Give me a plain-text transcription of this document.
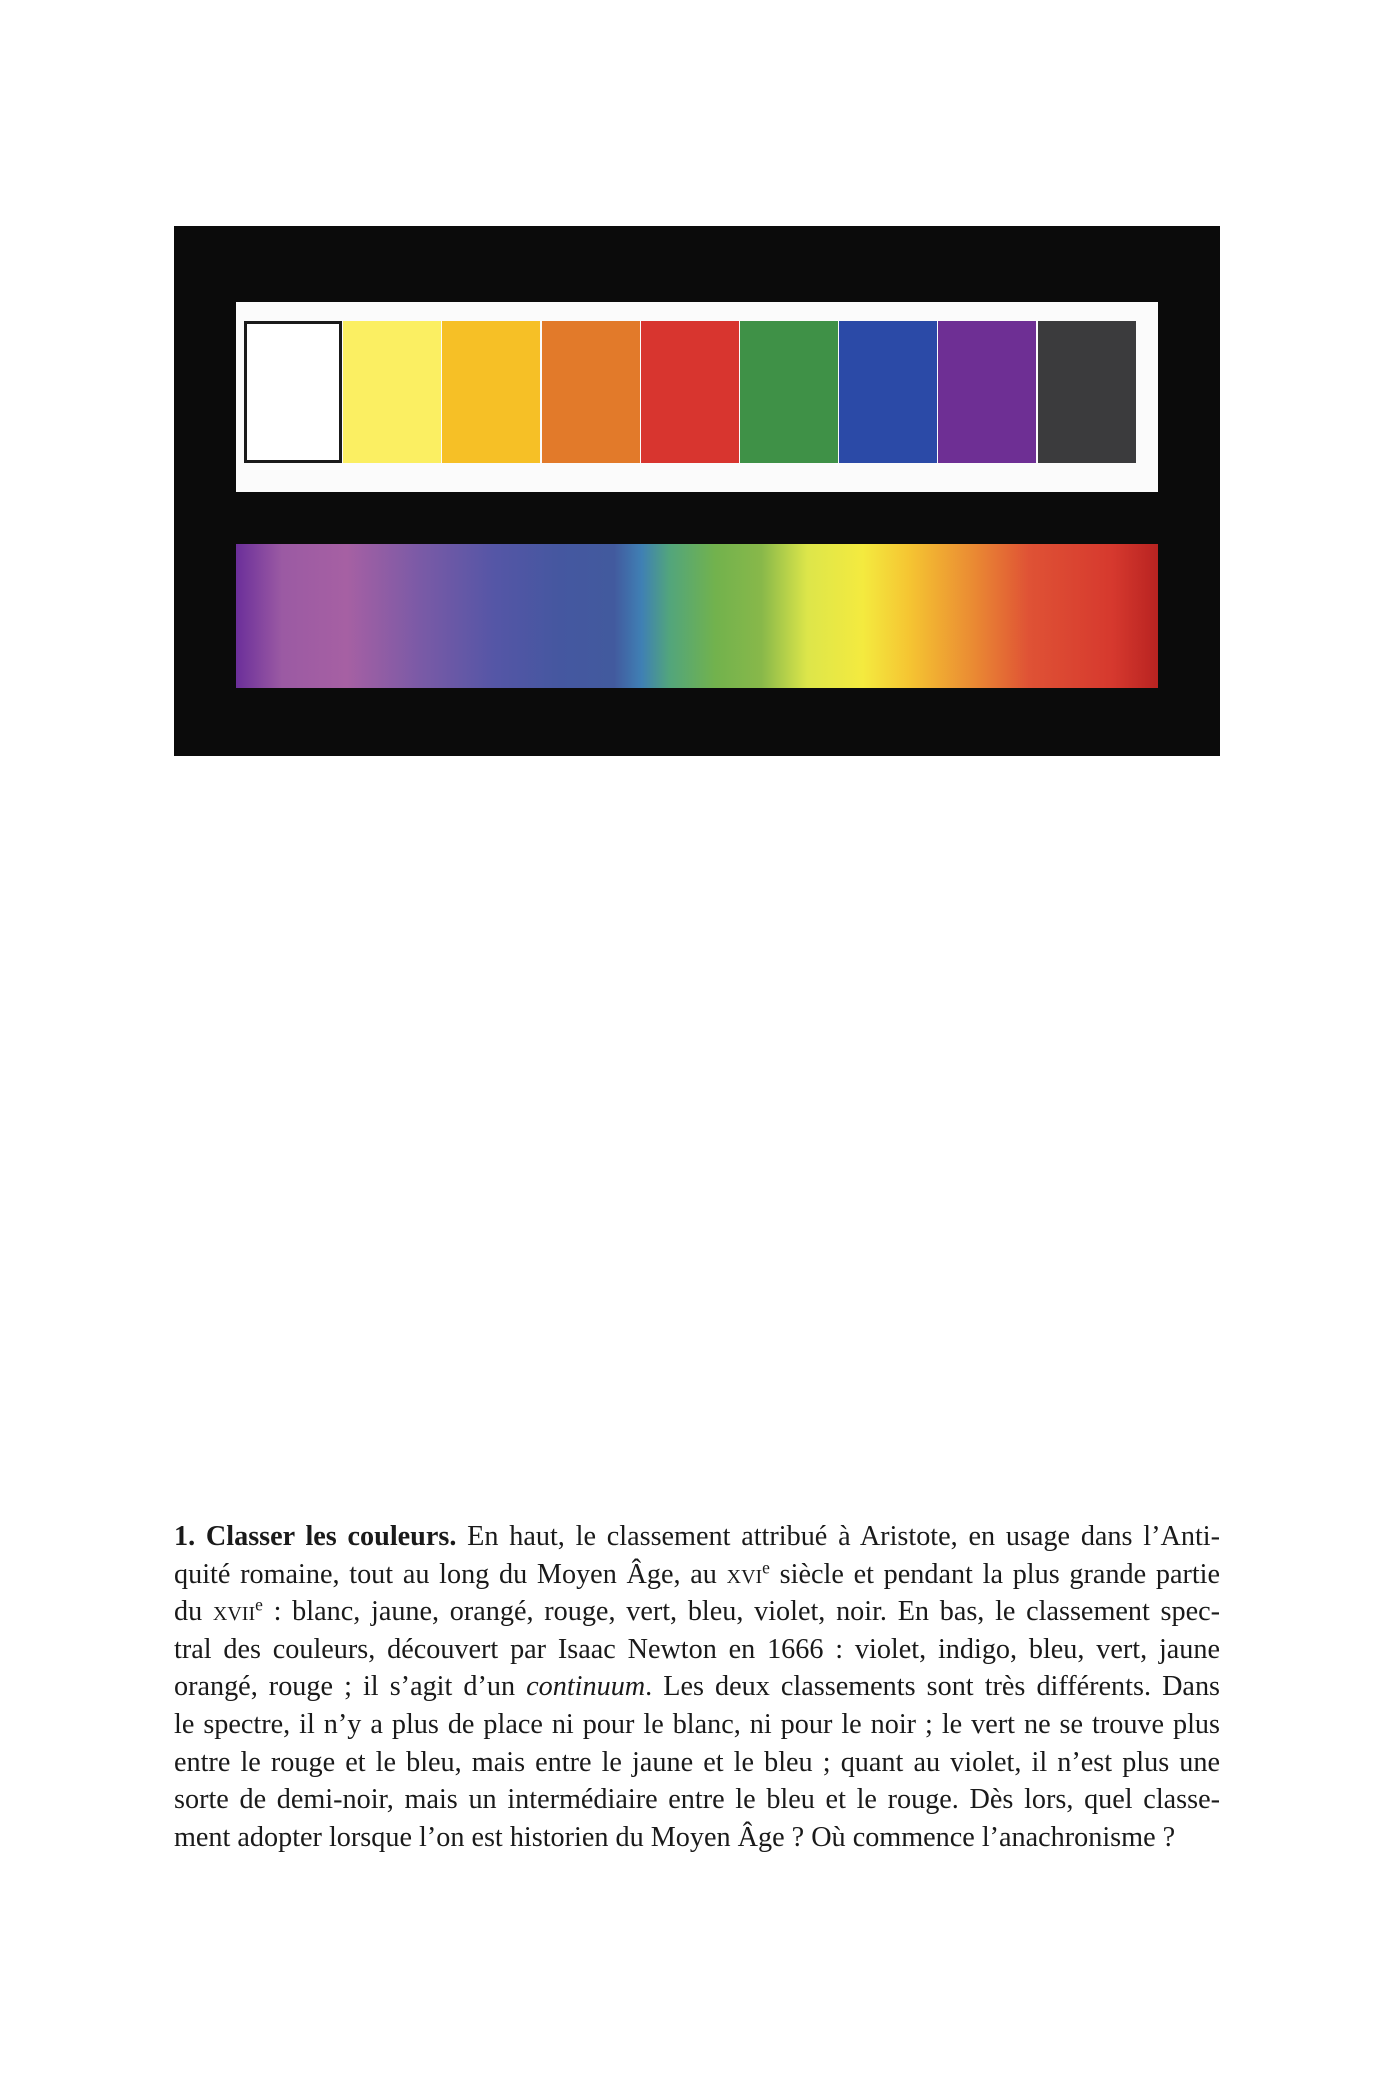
1. Classer les couleurs. En haut, le classement attribué à Aristote, en usage dans l’Anti-
quité romaine, tout au long du Moyen Âge, au xvi$^e$ siècle et pendant la plus grande partie
du xvii$^e$ : blanc, jaune, orangé, rouge, vert, bleu, violet, noir. En bas, le classement spec-
tral des couleurs, découvert par Isaac Newton en 1666 : violet, indigo, bleu, vert, jaune
orangé, rouge ; il s’agit d’un continuum. Les deux classements sont très différents. Dans
le spectre, il n’y a plus de place ni pour le blanc, ni pour le noir ; le vert ne se trouve plus
entre le rouge et le bleu, mais entre le jaune et le bleu ; quant au violet, il n’est plus une
sorte de demi-noir, mais un intermédiaire entre le bleu et le rouge. Dès lors, quel classe-
ment adopter lorsque l’on est historien du Moyen Âge ? Où commence l’anachronisme ?
